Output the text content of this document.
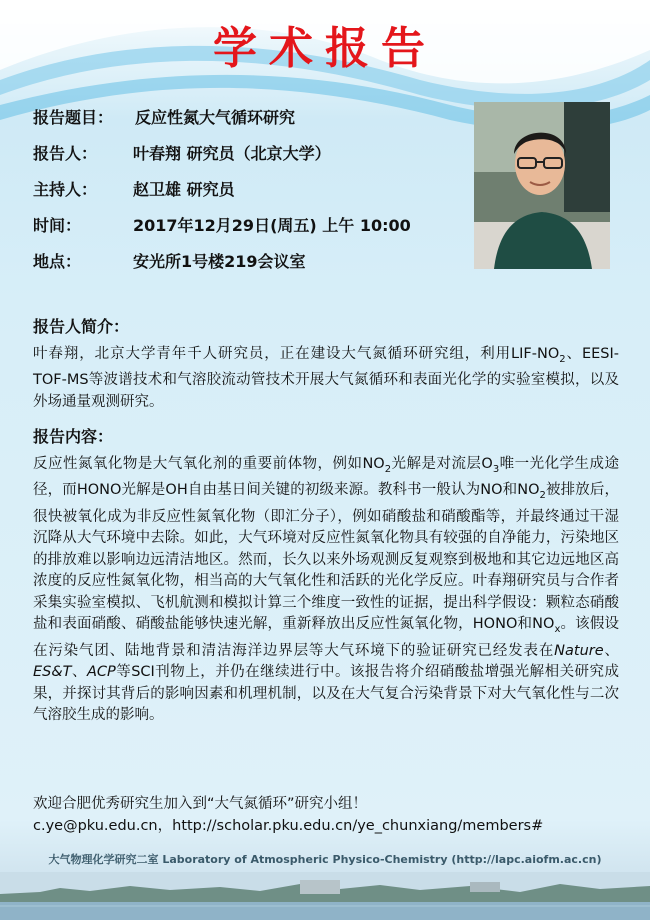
学术报告
报告题目：	反应性氮大气循环研究
报告人：	叶春翔 研究员（北京大学）
主持人：	赵卫雄 研究员
时间：	2017年12月29日(周五) 上午 10:00
地点：	安光所1号楼219会议室
报告人简介：
叶春翔，北京大学青年千人研究员，正在建设大气氮循环研究组，利用LIF-$NO_2$、EESI-TOF-MS等波谱技术和气溶胶流动管技术开展大气氮循环和表面光化学的实验室模拟，以及外场通量观测研究。
报告内容：
反应性氮氧化物是大气氧化剂的重要前体物，例如$NO_2$光解是对流层$O_3$唯一光化学生成途径，而HONO光解是OH自由基日间关键的初级来源。教科书一般认为NO和$NO_2$被排放后，很快被氧化成为非反应性氮氧化物（即汇分子），例如硝酸盐和硝酸酯等，并最终通过干湿沉降从大气环境中去除。如此，大气环境对反应性氮氧化物具有较强的自净能力，污染地区的排放难以影响边远清洁地区。然而，长久以来外场观测反复观察到极地和其它边远地区高浓度的反应性氮氧化物，相当高的大气氧化性和活跃的光化学反应。叶春翔研究员与合作者采集实验室模拟、飞机航测和模拟计算三个维度一致性的证据，提出科学假设：颗粒态硝酸盐和表面硝酸、硝酸盐能够快速光解，重新释放出反应性氮氧化物，HONO和$NO_x$。该假设在污染气团、陆地背景和清洁海洋边界层等大气环境下的验证研究已经发表在Nature、ES&T、ACP等SCI刊物上，并仍在继续进行中。该报告将介绍硝酸盐增强光解相关研究成果，并探讨其背后的影响因素和机理机制，以及在大气复合污染背景下对大气氧化性与二次气溶胶生成的影响。
欢迎合肥优秀研究生加入到“大气氮循环”研究小组！
c.ye@pku.edu.cn，http://scholar.pku.edu.cn/ye_chunxiang/members#
大气物理化学研究二室 Laboratory of Atmospheric Physico-Chemistry (http://lapc.aiofm.ac.cn)
